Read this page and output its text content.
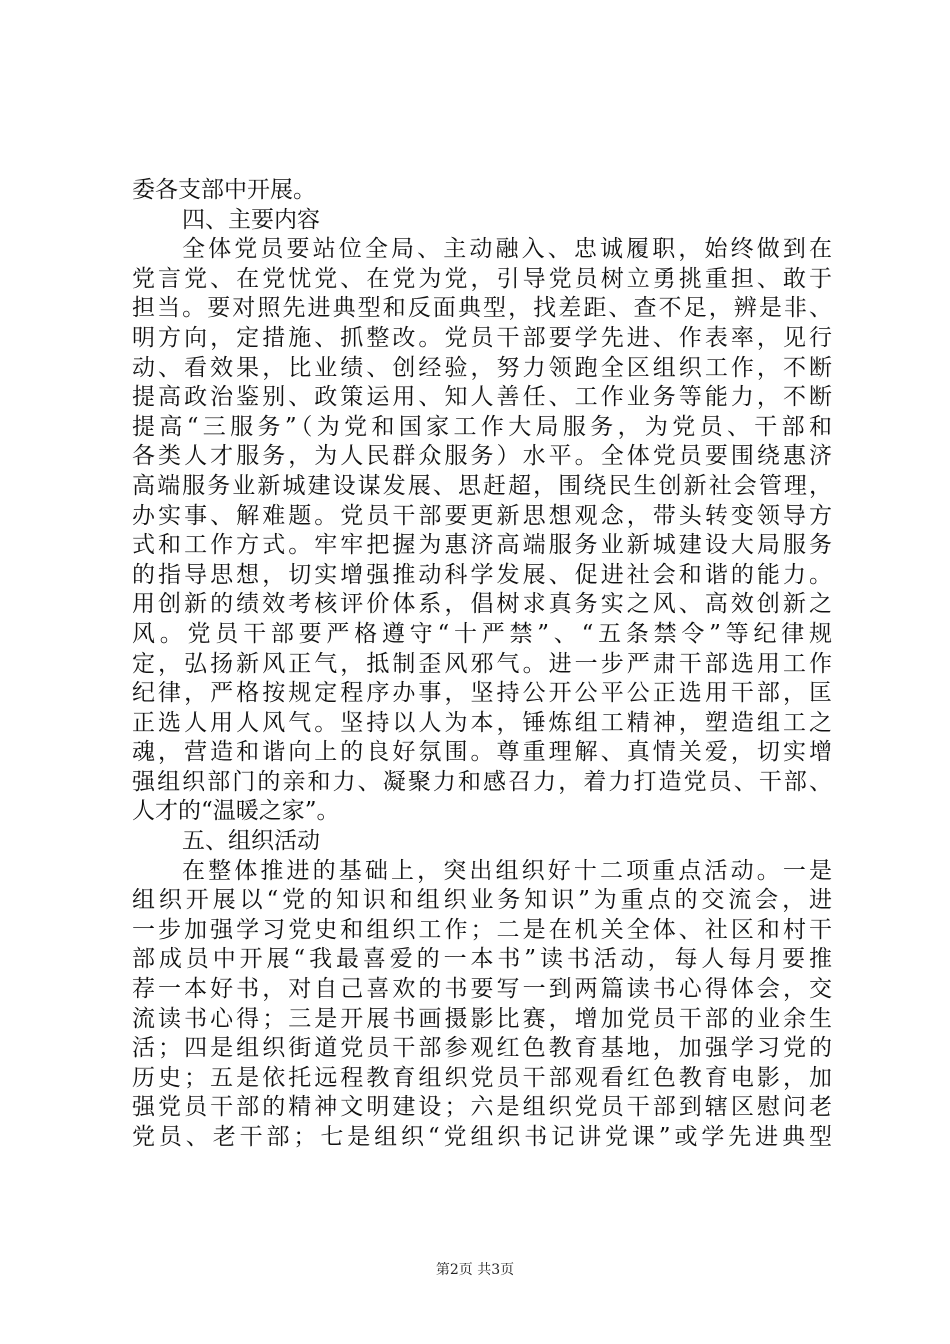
委各支部中开展。
四、主要内容
全体党员要站位全局、主动融入、忠诚履职，始终做到在
党言党、在党忧党、在党为党，引导党员树立勇挑重担、敢于
担当。要对照先进典型和反面典型，找差距、查不足，辨是非、
明方向，定措施、抓整改。党员干部要学先进、作表率，见行
动、看效果，比业绩、创经验，努力领跑全区组织工作，不断
提高政治鉴别、政策运用、知人善任、工作业务等能力，不断
提高“三服务”（为党和国家工作大局服务，为党员、干部和
各类人才服务，为人民群众服务）水平。全体党员要围绕惠济
高端服务业新城建设谋发展、思赶超，围绕民生创新社会管理，
办实事、解难题。党员干部要更新思想观念，带头转变领导方
式和工作方式。牢牢把握为惠济高端服务业新城建设大局服务
的指导思想，切实增强推动科学发展、促进社会和谐的能力。
用创新的绩效考核评价体系，倡树求真务实之风、高效创新之
风。党员干部要严格遵守“十严禁”、“五条禁令”等纪律规
定，弘扬新风正气，抵制歪风邪气。进一步严肃干部选用工作
纪律，严格按规定程序办事，坚持公开公平公正选用干部，匡
正选人用人风气。坚持以人为本，锤炼组工精神，塑造组工之
魂，营造和谐向上的良好氛围。尊重理解、真情关爱，切实增
强组织部门的亲和力、凝聚力和感召力，着力打造党员、干部、
人才的“温暖之家”。
五、组织活动
在整体推进的基础上，突出组织好十二项重点活动。一是
组织开展以“党的知识和组织业务知识”为重点的交流会，进
一步加强学习党史和组织工作；二是在机关全体、社区和村干
部成员中开展“我最喜爱的一本书”读书活动，每人每月要推
荐一本好书，对自己喜欢的书要写一到两篇读书心得体会，交
流读书心得；三是开展书画摄影比赛，增加党员干部的业余生
活；四是组织街道党员干部参观红色教育基地，加强学习党的
历史；五是依托远程教育组织党员干部观看红色教育电影，加
强党员干部的精神文明建设；六是组织党员干部到辖区慰问老
党员、老干部；七是组织“党组织书记讲党课”或学先进典型
第2页 共3页
